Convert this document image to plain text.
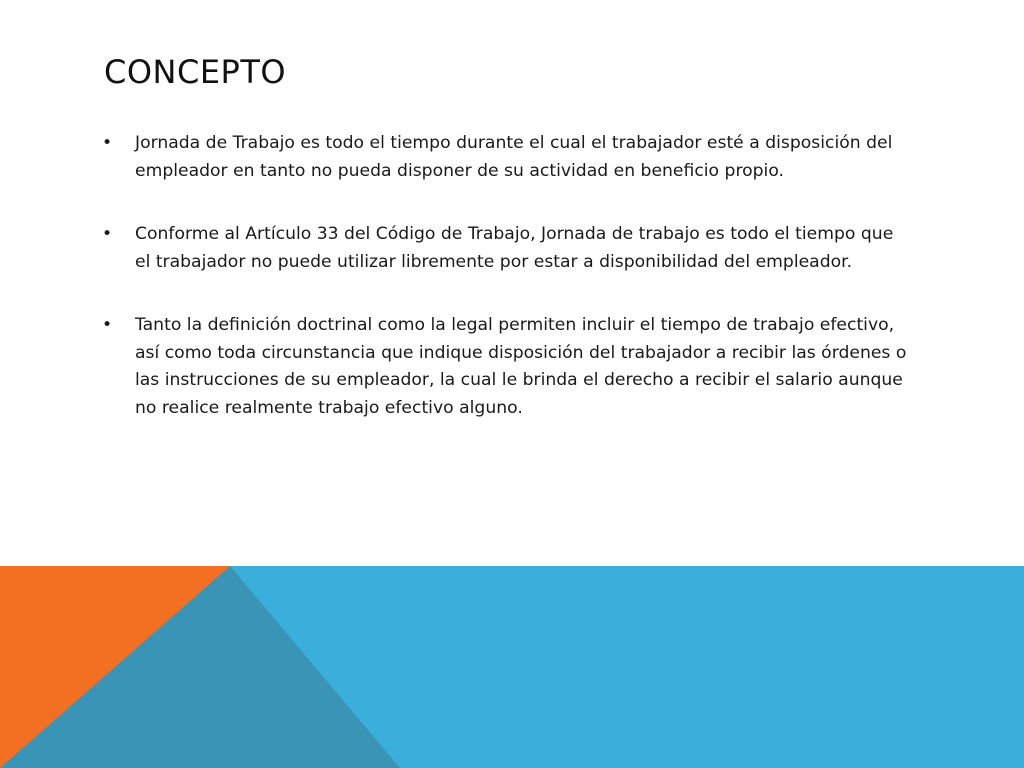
CONCEPTO
• Jornada de Trabajo es todo el tiempo durante el cual el trabajador esté a disposición del empleador en tanto no pueda disponer de su actividad en beneficio propio.
• Conforme al Artículo 33 del Código de Trabajo, Jornada de trabajo es todo el tiempo que el trabajador no puede utilizar libremente por estar a disponibilidad del empleador.
• Tanto la definición doctrinal como la legal permiten incluir el tiempo de trabajo efectivo, así como toda circunstancia que indique disposición del trabajador a recibir las órdenes o las instrucciones de su empleador, la cual le brinda el derecho a recibir el salario aunque no realice realmente trabajo efectivo alguno.
